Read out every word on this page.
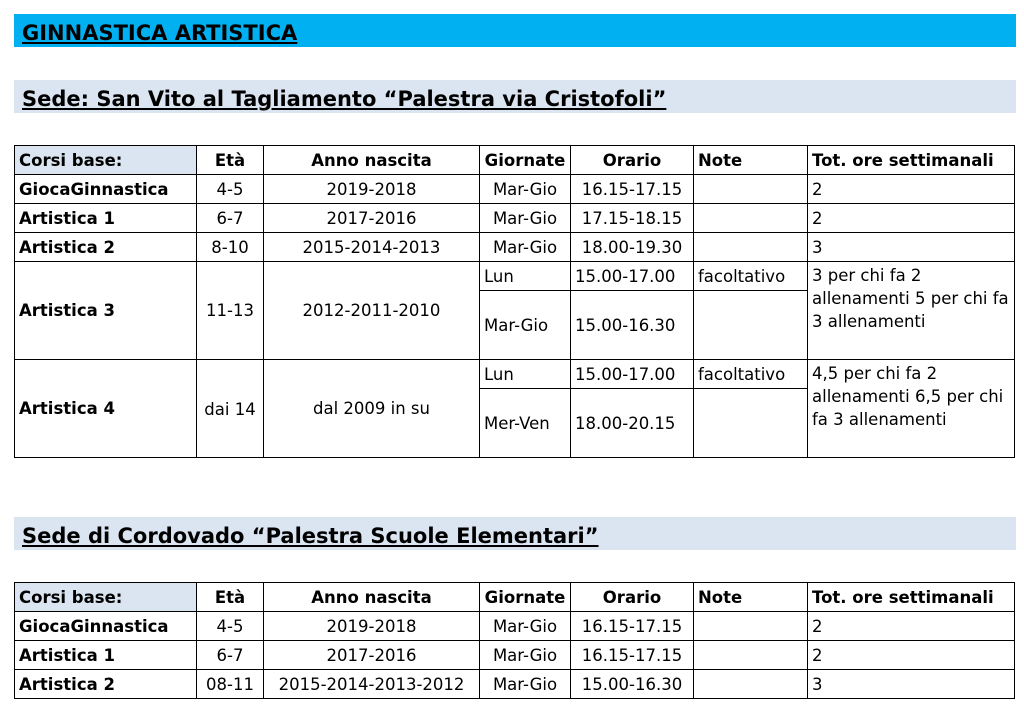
GINNASTICA ARTISTICA
Sede: San Vito al Tagliamento “Palestra via Cristofoli”
Corsi base:	Età	Anno nascita	Giornate	Orario	Note	Tot. ore settimanali
GiocaGinnastica	4-5	2019-2018	Mar-Gio	16.15-17.15		2
Artistica 1	6-7	2017-2016	Mar-Gio	17.15-18.15		2
Artistica 2	8-10	2015-2014-2013	Mar-Gio	18.00-19.30		3
Artistica 3	11-13	2012-2011-2010	Lun	15.00-17.00	facoltativo	3 per chi fa 2 allenamenti 5 per chi fa 3 allenamenti
			Mar-Gio	15.00-16.30		
Artistica 4	dai 14	dal 2009 in su	Lun	15.00-17.00	facoltativo	4,5 per chi fa 2 allenamenti 6,5 per chi fa 3 allenamenti
			Mer-Ven	18.00-20.15		
Sede di Cordovado “Palestra Scuole Elementari”
Corsi base:	Età	Anno nascita	Giornate	Orario	Note	Tot. ore settimanali
GiocaGinnastica	4-5	2019-2018	Mar-Gio	16.15-17.15		2
Artistica 1	6-7	2017-2016	Mar-Gio	16.15-17.15		2
Artistica 2	08-11	2015-2014-2013-2012	Mar-Gio	15.00-16.30		3
